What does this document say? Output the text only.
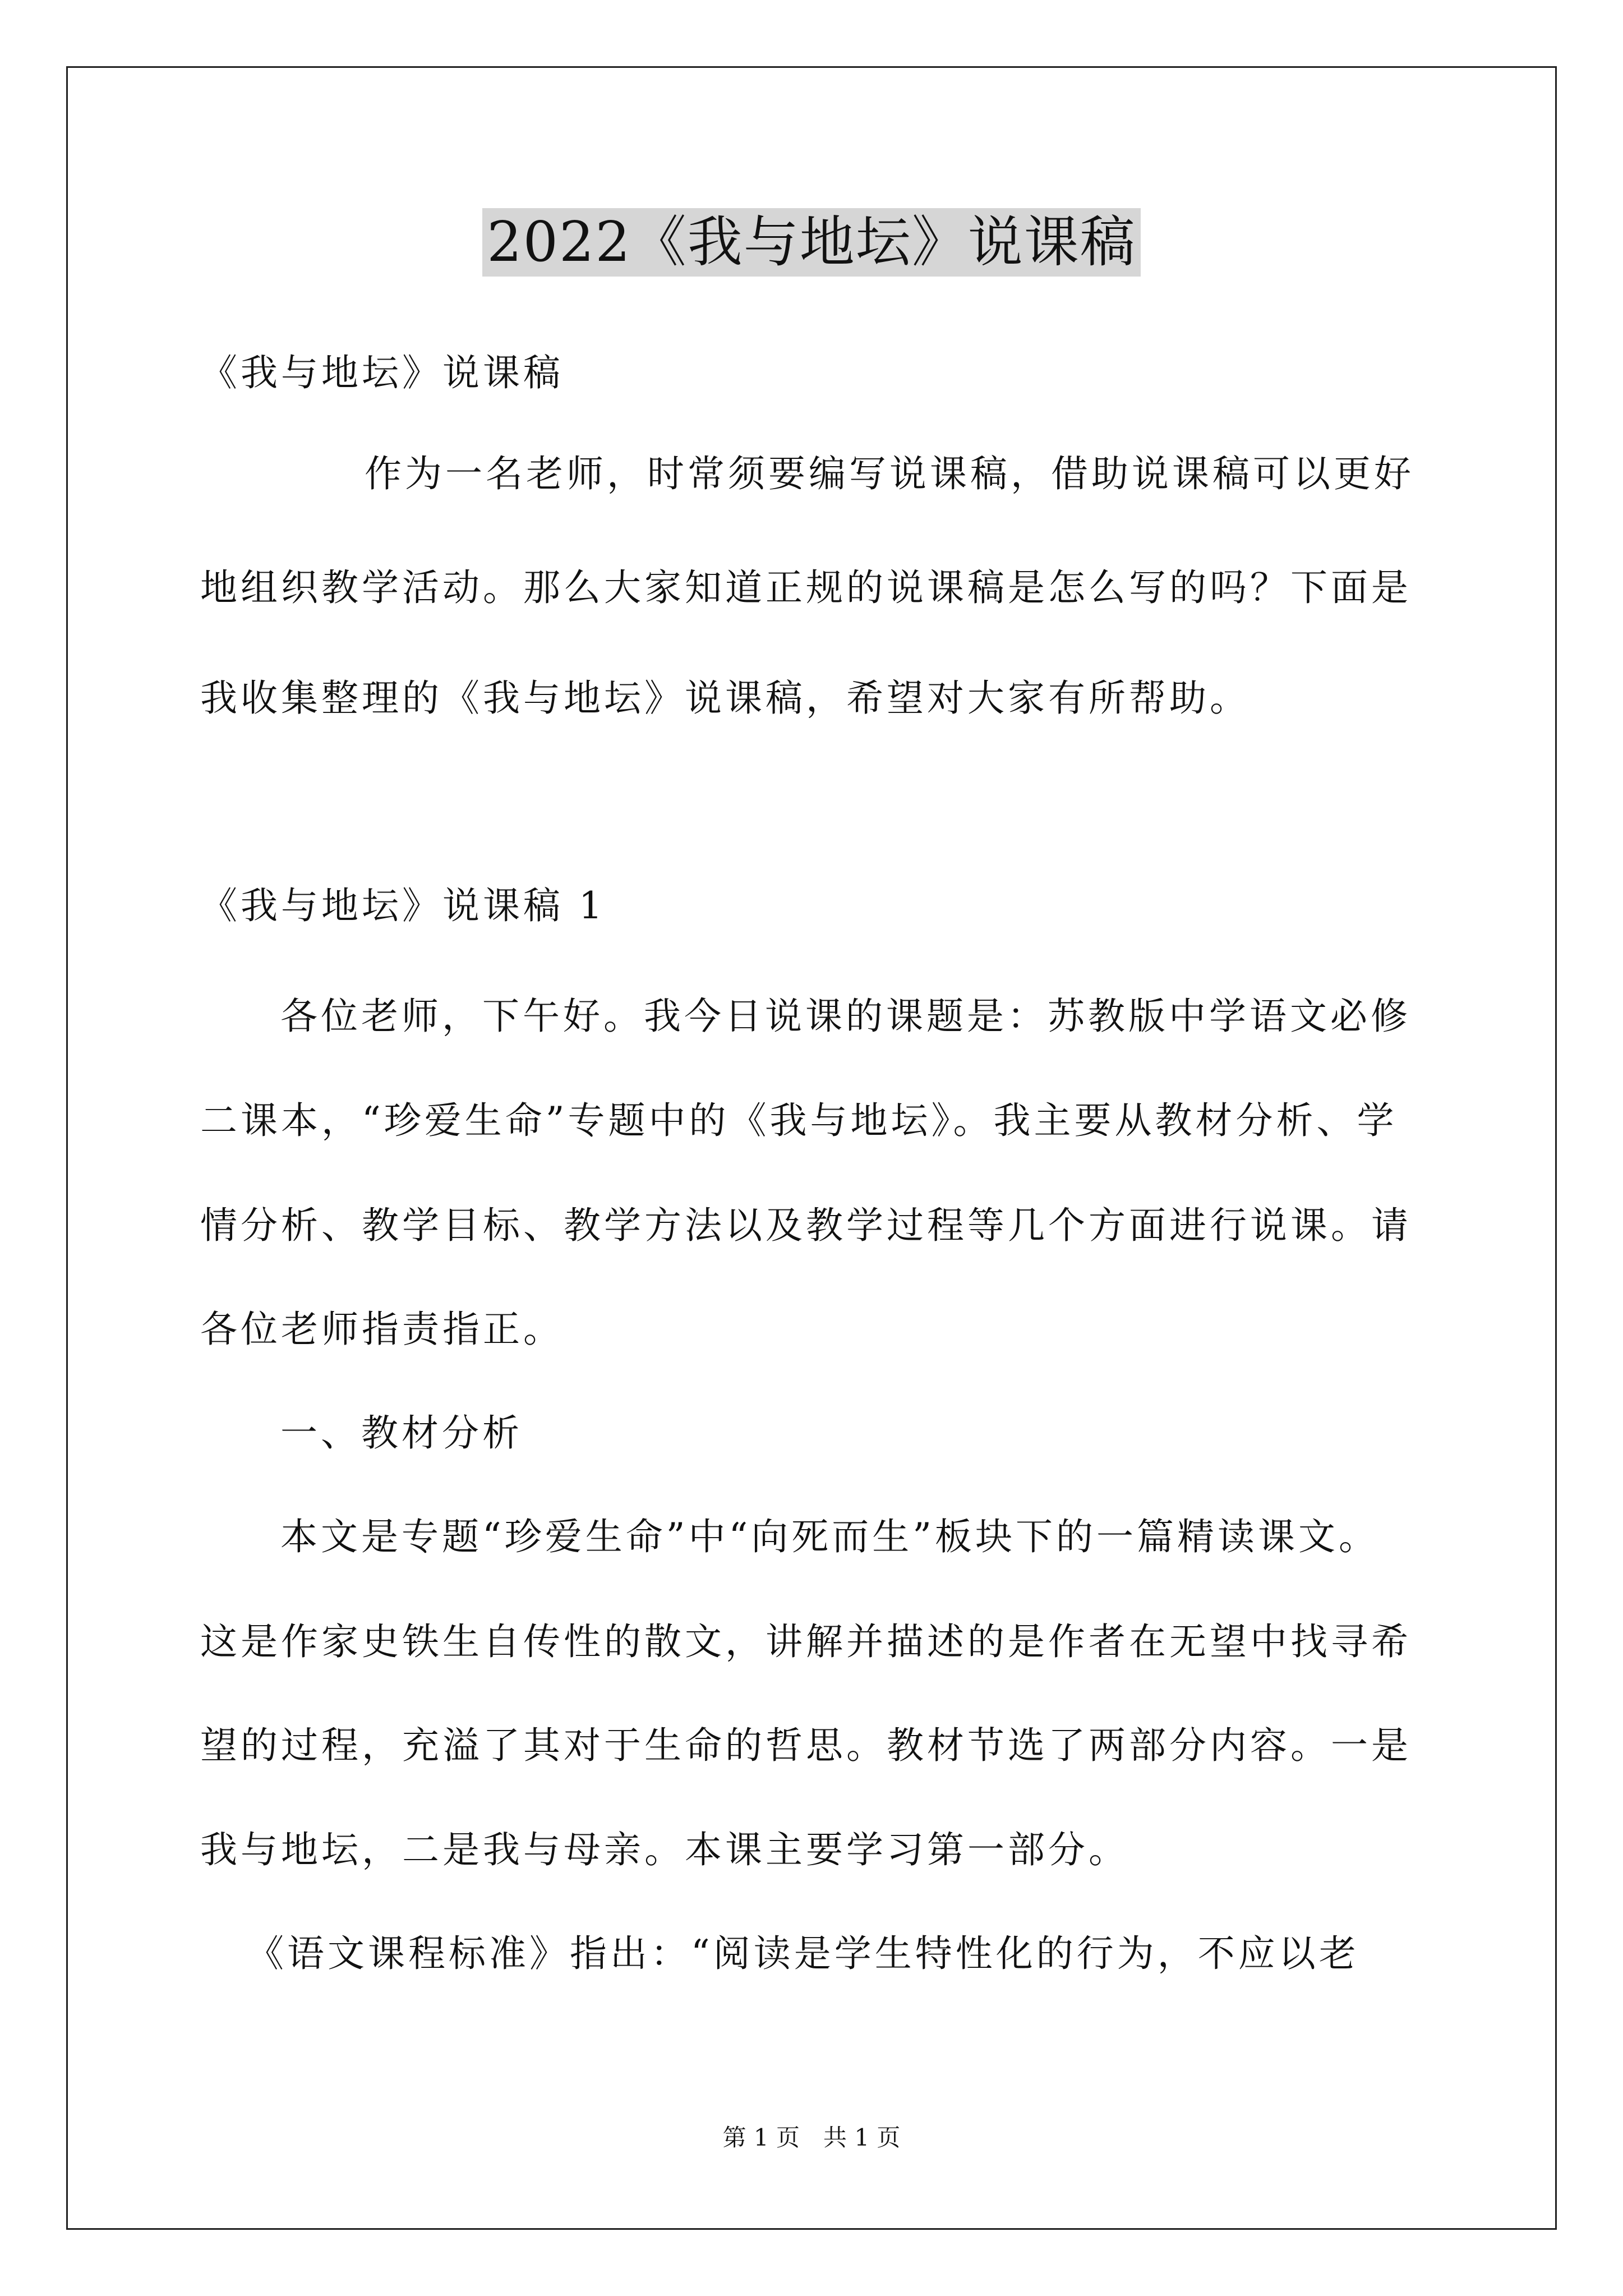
2022《我与地坛》说课稿
《我与地坛》说课稿
作为一名老师，时常须要编写说课稿，借助说课稿可以更好
地组织教学活动。那么大家知道正规的说课稿是怎么写的吗？下面是
我收集整理的《我与地坛》说课稿，希望对大家有所帮助。
《我与地坛》说课稿 1
各位老师，下午好。我今日说课的课题是：苏教版中学语文必修
二课本，“珍爱生命”专题中的《我与地坛》。我主要从教材分析、学
情分析、教学目标、教学方法以及教学过程等几个方面进行说课。请
各位老师指责指正。
一、教材分析
本文是专题“珍爱生命”中“向死而生”板块下的一篇精读课文。
这是作家史铁生自传性的散文，讲解并描述的是作者在无望中找寻希
望的过程，充溢了其对于生命的哲思。教材节选了两部分内容。一是
我与地坛，二是我与母亲。本课主要学习第一部分。
《语文课程标准》指出：“阅读是学生特性化的行为，不应以老
第 1 页　共 1 页
